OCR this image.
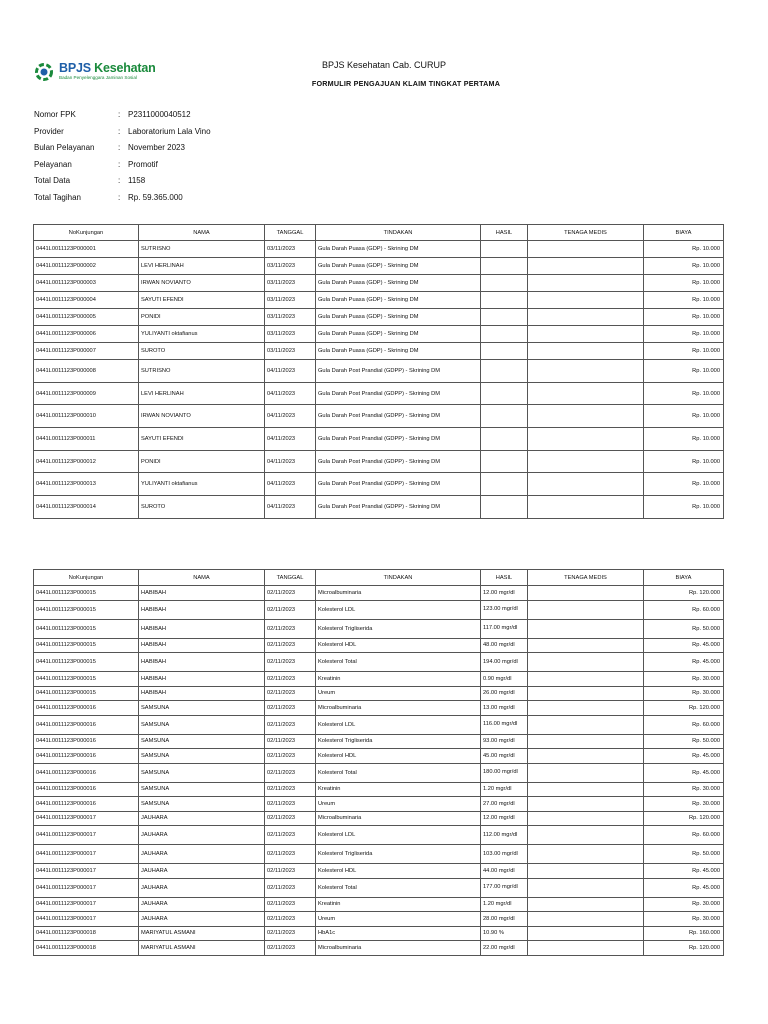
BPJS Kesehatan
Badan Penyelenggara Jaminan Sosial
BPJS Kesehatan Cab. CURUP
FORMULIR PENGAJUAN KLAIM TINGKAT PERTAMA
Nomor FPK	: P2311000040512
Provider	: Laboratorium Lala Vino
Bulan Pelayanan	: November 2023
Pelayanan	: Promotif
Total Data	: 1158
Total Tagihan	: Rp. 59.365.000
NoKunjungan	NAMA	TANGGAL	TINDAKAN	HASIL	TENAGA MEDIS	BIAYA
0441L0011123P000001	SUTRISNO	03/11/2023	Gula Darah Puasa (GDP) - Skrining DM			Rp. 10.000
0441L0011123P000002	LEVI HERLINAH	03/11/2023	Gula Darah Puasa (GDP) - Skrining DM			Rp. 10.000
0441L0011123P000003	IRWAN NOVIANTO	03/11/2023	Gula Darah Puasa (GDP) - Skrining DM			Rp. 10.000
0441L0011123P000004	SAYUTI EFENDI	03/11/2023	Gula Darah Puasa (GDP) - Skrining DM			Rp. 10.000
0441L0011123P000005	PONIDI	03/11/2023	Gula Darah Puasa (GDP) - Skrining DM			Rp. 10.000
0441L0011123P000006	YULIYANTI oktafianus	03/11/2023	Gula Darah Puasa (GDP) - Skrining DM			Rp. 10.000
0441L0011123P000007	SUROTO	03/11/2023	Gula Darah Puasa (GDP) - Skrining DM			Rp. 10.000
0441L0011123P000008	SUTRISNO	04/11/2023	Gula Darah Post Prandial (GDPP) - Skrining DM			Rp. 10.000
0441L0011123P000009	LEVI HERLINAH	04/11/2023	Gula Darah Post Prandial (GDPP) - Skrining DM			Rp. 10.000
0441L0011123P000010	IRWAN NOVIANTO	04/11/2023	Gula Darah Post Prandial (GDPP) - Skrining DM			Rp. 10.000
0441L0011123P000011	SAYUTI EFENDI	04/11/2023	Gula Darah Post Prandial (GDPP) - Skrining DM			Rp. 10.000
0441L0011123P000012	PONIDI	04/11/2023	Gula Darah Post Prandial (GDPP) - Skrining DM			Rp. 10.000
0441L0011123P000013	YULIYANTI oktafianus	04/11/2023	Gula Darah Post Prandial (GDPP) - Skrining DM			Rp. 10.000
0441L0011123P000014	SUROTO	04/11/2023	Gula Darah Post Prandial (GDPP) - Skrining DM			Rp. 10.000
NoKunjungan	NAMA	TANGGAL	TINDAKAN	HASIL	TENAGA MEDIS	BIAYA
0441L0011123P000015	HABIBAH	02/11/2023	Microalbuminaria	12.00 mgr/dl		Rp. 120.000
0441L0011123P000015	HABIBAH	02/11/2023	Kolesterol LDL	123.00 mgr/dl		Rp. 60.000
0441L0011123P000015	HABIBAH	02/11/2023	Kolesterol Trigliserida	117.00 mgr/dl		Rp. 50.000
0441L0011123P000015	HABIBAH	02/11/2023	Kolesterol HDL	48.00 mgr/dl		Rp. 45.000
0441L0011123P000015	HABIBAH	02/11/2023	Kolesterol Total	194.00 mgr/dl		Rp. 45.000
0441L0011123P000015	HABIBAH	02/11/2023	Kreatinin	0.90 mgr/dl		Rp. 30.000
0441L0011123P000015	HABIBAH	02/11/2023	Ureum	26.00 mgr/dl		Rp. 30.000
0441L0011123P000016	SAMSUNA	02/11/2023	Microalbuminaria	13.00 mgr/dl		Rp. 120.000
0441L0011123P000016	SAMSUNA	02/11/2023	Kolesterol LDL	116.00 mgr/dl		Rp. 60.000
0441L0011123P000016	SAMSUNA	02/11/2023	Kolesterol Trigliserida	93.00 mgr/dl		Rp. 50.000
0441L0011123P000016	SAMSUNA	02/11/2023	Kolesterol HDL	45.00 mgr/dl		Rp. 45.000
0441L0011123P000016	SAMSUNA	02/11/2023	Kolesterol Total	180.00 mgr/dl		Rp. 45.000
0441L0011123P000016	SAMSUNA	02/11/2023	Kreatinin	1.20 mgr/dl		Rp. 30.000
0441L0011123P000016	SAMSUNA	02/11/2023	Ureum	27.00 mgr/dl		Rp. 30.000
0441L0011123P000017	JAUHARA	02/11/2023	Microalbuminaria	12.00 mgr/dl		Rp. 120.000
0441L0011123P000017	JAUHARA	02/11/2023	Kolesterol LDL	112.00 mgr/dl		Rp. 60.000
0441L0011123P000017	JAUHARA	02/11/2023	Kolesterol Trigliserida	103.00 mgr/dl		Rp. 50.000
0441L0011123P000017	JAUHARA	02/11/2023	Kolesterol HDL	44.00 mgr/dl		Rp. 45.000
0441L0011123P000017	JAUHARA	02/11/2023	Kolesterol Total	177.00 mgr/dl		Rp. 45.000
0441L0011123P000017	JAUHARA	02/11/2023	Kreatinin	1.20 mgr/dl		Rp. 30.000
0441L0011123P000017	JAUHARA	02/11/2023	Ureum	28.00 mgr/dl		Rp. 30.000
0441L0011123P000018	MARIYATUL ASMANI	02/11/2023	HbA1c	10.90 %		Rp. 160.000
0441L0011123P000018	MARIYATUL ASMANI	02/11/2023	Microalbuminaria	22.00 mgr/dl		Rp. 120.000
